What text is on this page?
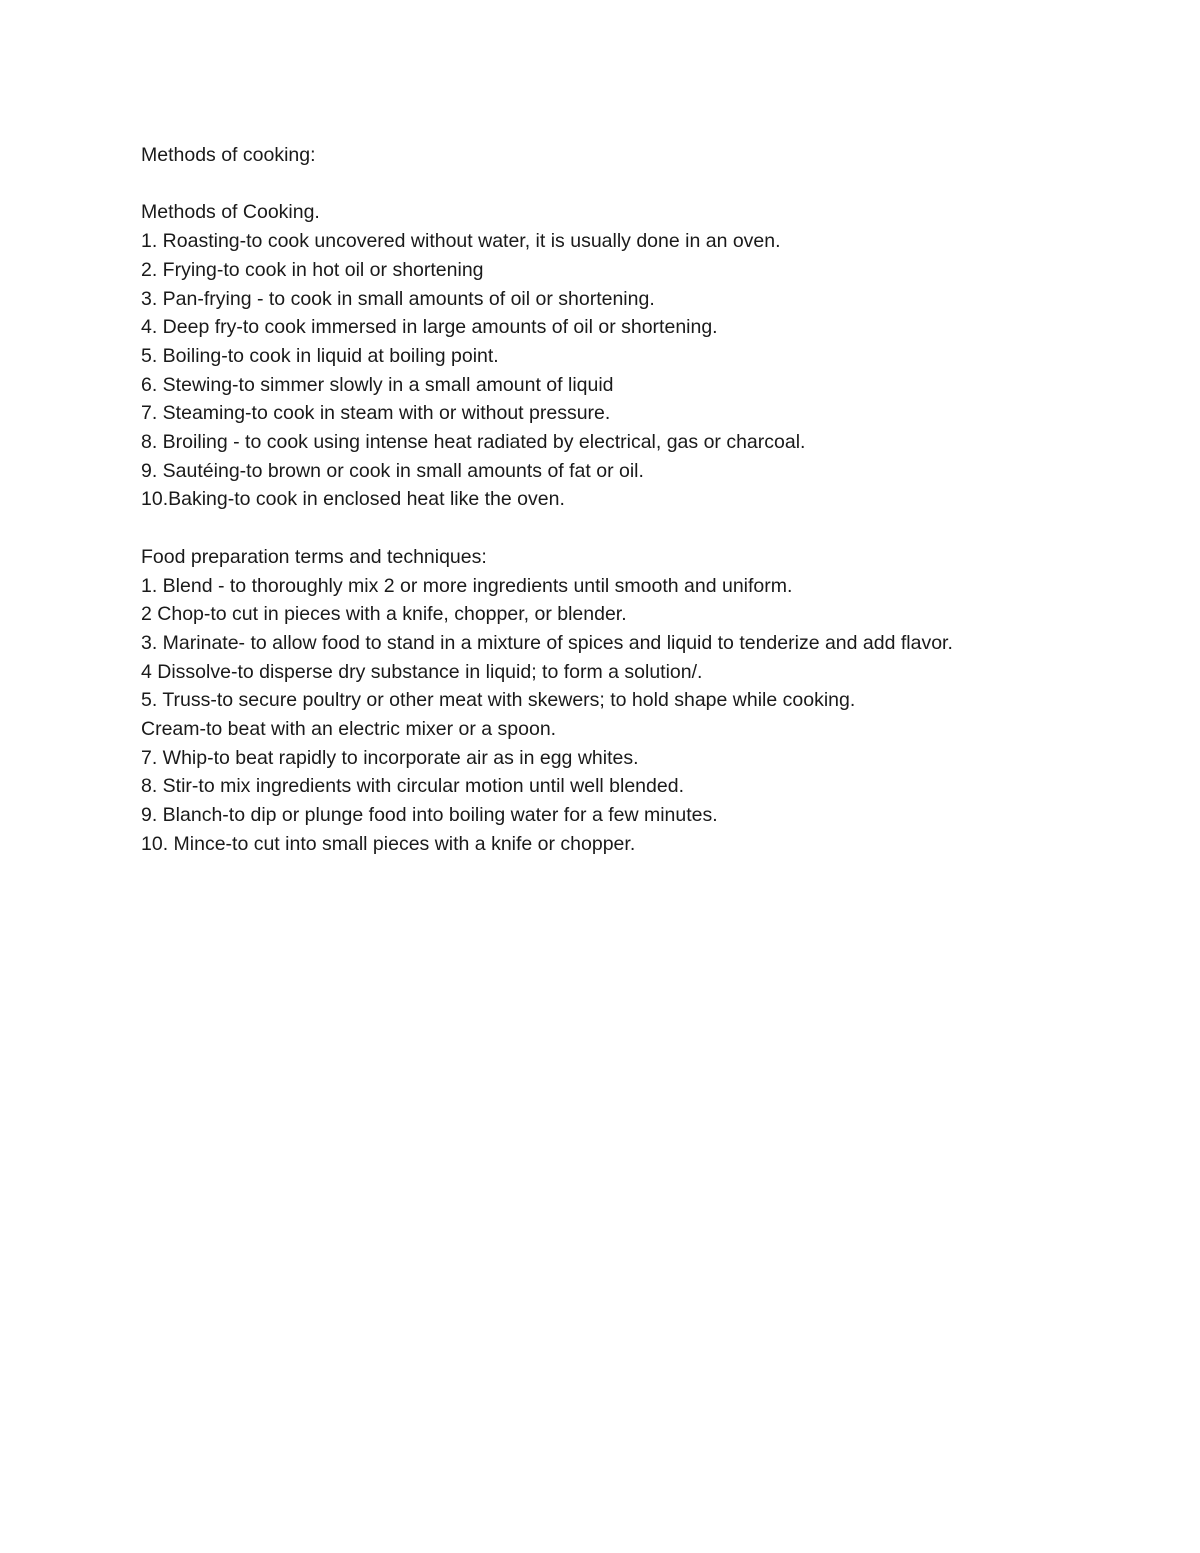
Methods of cooking:
Methods of Cooking.
1. Roasting-to cook uncovered without water, it is usually done in an oven.
2. Frying-to cook in hot oil or shortening
3. Pan-frying - to cook in small amounts of oil or shortening.
4. Deep fry-to cook immersed in large amounts of oil or shortening.
5. Boiling-to cook in liquid at boiling point.
6. Stewing-to simmer slowly in a small amount of liquid
7. Steaming-to cook in steam with or without pressure.
8. Broiling - to cook using intense heat radiated by electrical, gas or charcoal.
9. Sautéing-to brown or cook in small amounts of fat or oil.
10.Baking-to cook in enclosed heat like the oven.
Food preparation terms and techniques:
1. Blend - to thoroughly mix 2 or more ingredients until smooth and uniform.
2 Chop-to cut in pieces with a knife, chopper, or blender.
3. Marinate- to allow food to stand in a mixture of spices and liquid to tenderize and add flavor.
4 Dissolve-to disperse dry substance in liquid; to form a solution/.
5. Truss-to secure poultry or other meat with skewers; to hold shape while cooking.
Cream-to beat with an electric mixer or a spoon.
7. Whip-to beat rapidly to incorporate air as in egg whites.
8. Stir-to mix ingredients with circular motion until well blended.
9. Blanch-to dip or plunge food into boiling water for a few minutes.
10. Mince-to cut into small pieces with a knife or chopper.
